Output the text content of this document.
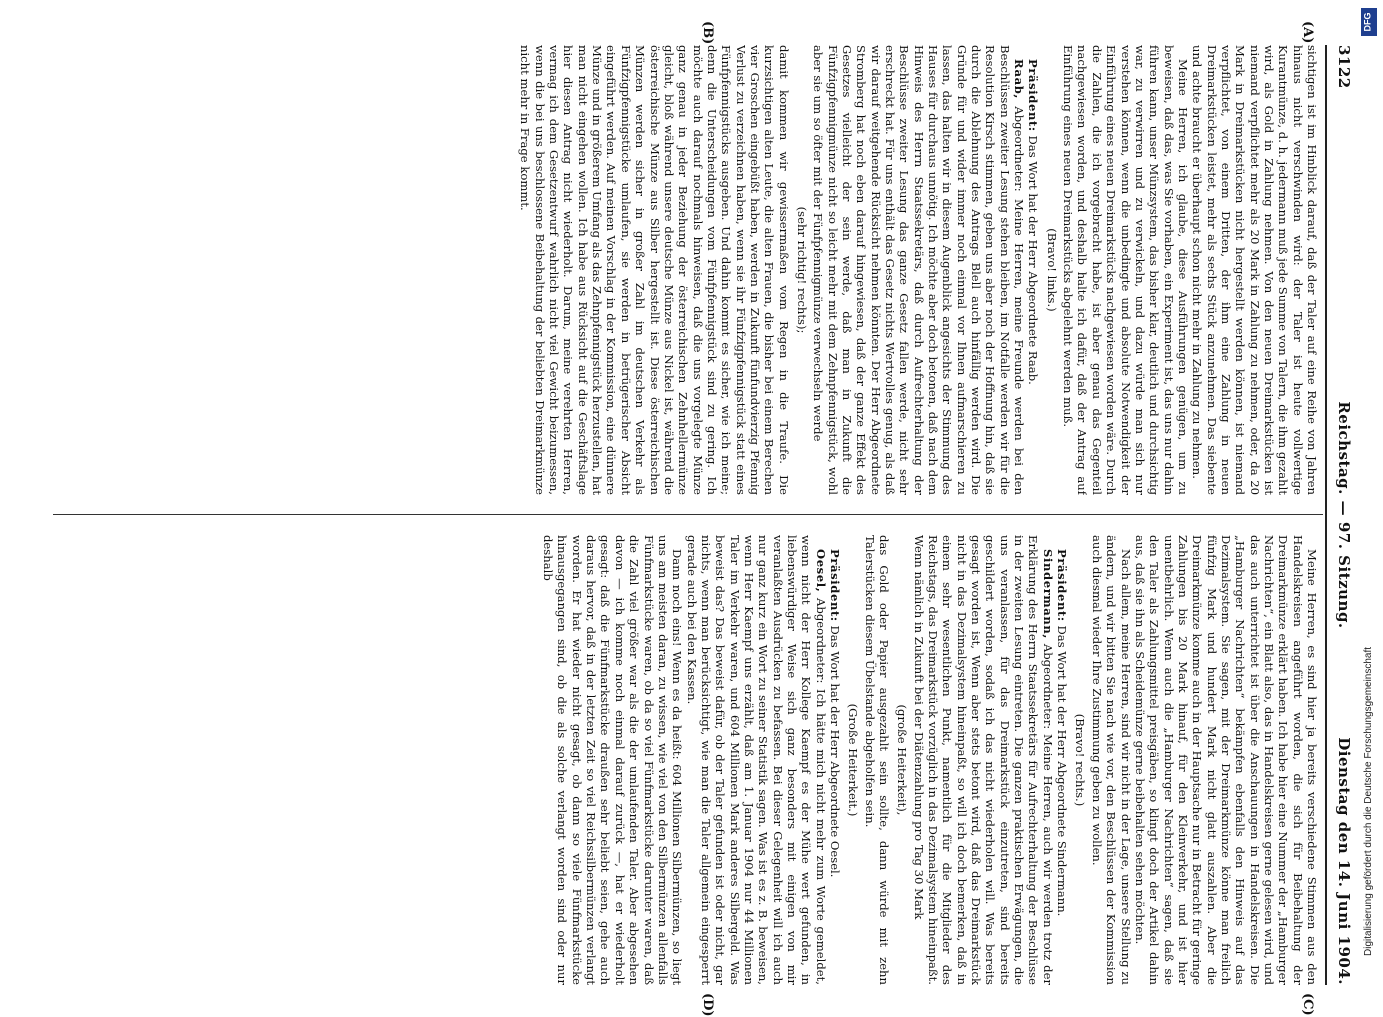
3122
Reichstag. — 97. Sitzung.
Dienstag den 14. Juni 1904.
(A)
(B)
(C)
(D)

sichtigen ist im Hinblick darauf, daß der Taler auf eine Reihe von Jahren hinaus nicht verschwinden wird: der Taler ist heute vollwertige Kurantmünze, d. h. jedermann muß jede Summe von Talern, die ihm gezahlt wird, als Gold in Zahlung nehmen. Von den neuen Dreimarkstücken ist niemand verpflichtet mehr als 20 Mark in Zahlung zu nehmen, oder, da 20 Mark in Dreimarkstücken nicht hergestellt werden können, ist niemand verpflichtet, von einem Dritten, der ihm eine Zahlung in neuen Dreimarkstücken leistet, mehr als sechs Stück anzunehmen. Das siebente und achte braucht er überhaupt schon nicht mehr in Zahlung zu nehmen.

Meine Herren, ich glaube, diese Ausführungen genügen, um zu beweisen, daß das, was Sie vorhaben, ein Experiment ist, das uns nur dahin führen kann, unser Münzsystem, das bisher klar, deutlich und durchsichtig war, zu verwirren und zu verwickeln, und dazu würde man sich nur verstehen können, wenn die unbedingte und absolute Notwendigkeit der Einführung eines neuen Dreimarkstücks nachgewiesen worden wäre. Durch die Zahlen, die ich vorgebracht habe, ist aber genau das Gegenteil nachgewiesen worden, und deshalb halte ich dafür, daß der Antrag auf Einführung eines neuen Dreimarkstücks abgelehnt werden muß.

(Bravo! links.)

Präsident: Das Wort hat der Herr Abgeordnete Raab.

Raab, Abgeordneter: Meine Herren, meine Freunde werden bei den Beschlüssen zweiter Lesung stehen bleiben, im Notfalle werden wir für die Resolution Kirsch stimmen, geben uns aber noch der Hoffnung hin, daß sie durch die Ablehnung des Antrags Blell auch hinfällig werden wird. Die Gründe für und wider immer noch einmal vor Ihnen aufmarschieren zu lassen, das halten wir in diesem Augenblick angesichts der Stimmung des Hauses für durchaus unnötig. Ich möchte aber doch betonen, daß nach dem Hinweis des Herrn Staatssekretärs, daß durch Aufrechterhaltung der Beschlüsse zweiter Lesung das ganze Gesetz fallen werde, nicht sehr erschreckt hat. Für uns enthält das Gesetz nichts Wertvolles genug, als daß wir darauf weitgehende Rücksicht nehmen könnten. Der Herr Abgeordnete Stromberg hat noch eben darauf hingewiesen, daß der ganze Effekt des Gesetzes vielleicht der sein werde, daß man in Zukunft die Fünfzigpfennigmünze nicht so leicht mehr mit dem Zehnpfennigstück, wohl aber sie um so öfter mit der Fünfpfennigmünze verwechseln werde

(sehr richtig! rechts);

damit kommen wir gewissermaßen vom Regen in die Traufe. Die kurzsichtigen alten Leute, die alten Frauen, die bisher bei einem Berechen vier Groschen eingebüßt haben, werden in Zukunft fünfundvierzig Pfennig Verlust zu verzeichnen haben, wenn sie ihr Fünfzigpfennigstück statt eines Fünfpfennigstücks ausgeben. Und dahin kommt es sicher, wie ich meine; denn die Unterscheidungen vom Fünfpfennigstück sind zu gering. Ich möchte auch darauf nochmals hinweisen, daß die uns vorgelegte Münze ganz genau in jeder Beziehung der österreichischen Zehnhellermünze gleicht, bloß während unsere deutsche Münze aus Nickel ist, während die österreichische Münze aus Silber hergestellt ist. Diese österreichischen Münzen werden sicher in großer Zahl im deutschen Verkehr als Fünfzigpfennigstücke umlaufen, sie werden in betrügerischer Absicht eingeführt werden. Auf meinen Vorschlag in der Kommission, eine dünnere Münze und in größerem Umfang als das Zehnpfennigstück herzustellen, hat man nicht eingehen wollen. Ich habe aus Rücksicht auf die Geschäftslage hier diesen Antrag nicht wiederholt. Darum, meine verehrten Herren, vermag ich dem Gesetzentwurf wahrlich nicht viel Gewicht beizumessen, wenn die bei uns beschlossene Beibehaltung der beliebten Dreimarkmünze nicht mehr in Frage kommt.

Meine Herren, es sind hier ja bereits verschiedene Stimmen aus den Handelskreisen angeführt worden, die sich für Beibehaltung der Dreimarkmünze erklärt haben. Ich habe hier eine Nummer der „Hamburger Nachrichten“, ein Blatt also, das in Handelskreisen gerne gelesen wird, und das auch unterrichtet ist über die Anschauungen in Handelskreisen. Die „Hamburger Nachrichten“ bekämpfen ebenfalls den Hinweis auf das Dezimalsystem. Sie sagen, mit der Dreimarkmünze könne man freilich fünfzig Mark und hundert Mark nicht glatt auszahlen. Aber die Dreimarkmünze komme auch in der Hauptsache nur in Betracht für geringe Zahlungen bis 20 Mark hinauf, für den Kleinverkehr, und ist hier unentbehrlich. Wenn auch die „Hamburger Nachrichten“ sagen, daß sie den Taler als Zahlungsmittel preisgäben, so klingt doch der Artikel dahin aus, daß sie ihn als Scheidemünze gerne beibehalten sehen möchten.

Nach allem, meine Herren, sind wir nicht in der Lage, unsere Stellung zu ändern, und wir bitten Sie nach wie vor, den Beschlüssen der Kommission auch diesmal wieder Ihre Zustimmung geben zu wollen.

(Bravo! rechts.)

Präsident: Das Wort hat der Herr Abgeordnete Sindermann.

Sindermann, Abgeordneter: Meine Herren, auch wir werden trotz der Erklärung des Herrn Staatssekretärs für Aufrechterhaltung der Beschlüsse in der zweiten Lesung eintreten. Die ganzen praktischen Erwägungen, die uns veranlassen, für das Dreimarkstück einzutreten, sind bereits geschildert worden, sodaß ich das nicht wiederholen will. Was bereits gesagt worden ist, Wenn aber stets betont wird, daß das Dreimarkstück nicht in das Dezimalsystem hineinpaßt, so will ich doch bemerken, daß in einem sehr wesentlichen Punkt, namentlich für die Mitglieder des Reichstags, das Dreimarkstück vorzüglich in das Dezimalsystem hineinpaßt. Wenn nämlich in Zukunft bei der Diätenzahlung pro Tag 30 Mark

(große Heiterkeit),

das Gold oder Papier ausgezahlt sein sollte, dann würde mit zehn Talerstücken diesem Übelstande abgeholfen sein.

(Große Heiterkeit.)

Präsident: Das Wort hat der Herr Abgeordnete Oesel.

Oesel, Abgeordneter: Ich hätte mich nicht mehr zum Worte gemeldet, wenn nicht der Herr Kollege Kaempf es der Mühe wert gefunden, in liebenswürdiger Weise sich ganz besonders mit einigen von mir veranlaßten Ausdrücken zu befassen. Bei dieser Gelegenheit will ich auch nur ganz kurz ein Wort zu seiner Statistik sagen. Was ist es z. B. beweisen, wenn Herr Kaempf uns erzählt, daß am 1. Januar 1904 nur 44 Millionen Taler im Verkehr waren, und 604 Millionen Mark anderes Silbergeld. Was beweist das? Das beweist dafür, ob der Taler gefunden ist oder nicht, gar nichts, wenn man berücksichtigt, wie man die Taler allgemein eingesperrt gerade auch bei den Kassen.

Dann noch eins! Wenn es da heißt: 604 Millionen Silbermünzen, so liegt uns am meisten daran, zu wissen, wie viel von den Silbermünzen allenfalls Fünfmarkstücke waren, ob da so viel Fünfmarkstücke darunter waren, daß die Zahl viel größer war als die der umlaufenden Taler. Aber abgesehen davon — ich komme noch einmal darauf zurück —, hat er wiederholt gesagt: daß die Fünfmarkstücke draußen sehr beliebt seien, gehe auch daraus hervor, daß in der letzten Zeit so viel Reichssilbermünzen verlangt worden. Er hat wieder nicht gesagt, ob dann so viele Fünfmarkstücke hinausgegangen sind, ob die als solche verlangt worden sind oder nur deshalb

DFG
Digitalisierung gefördert durch die Deutsche Forschungsgemeinschaft
